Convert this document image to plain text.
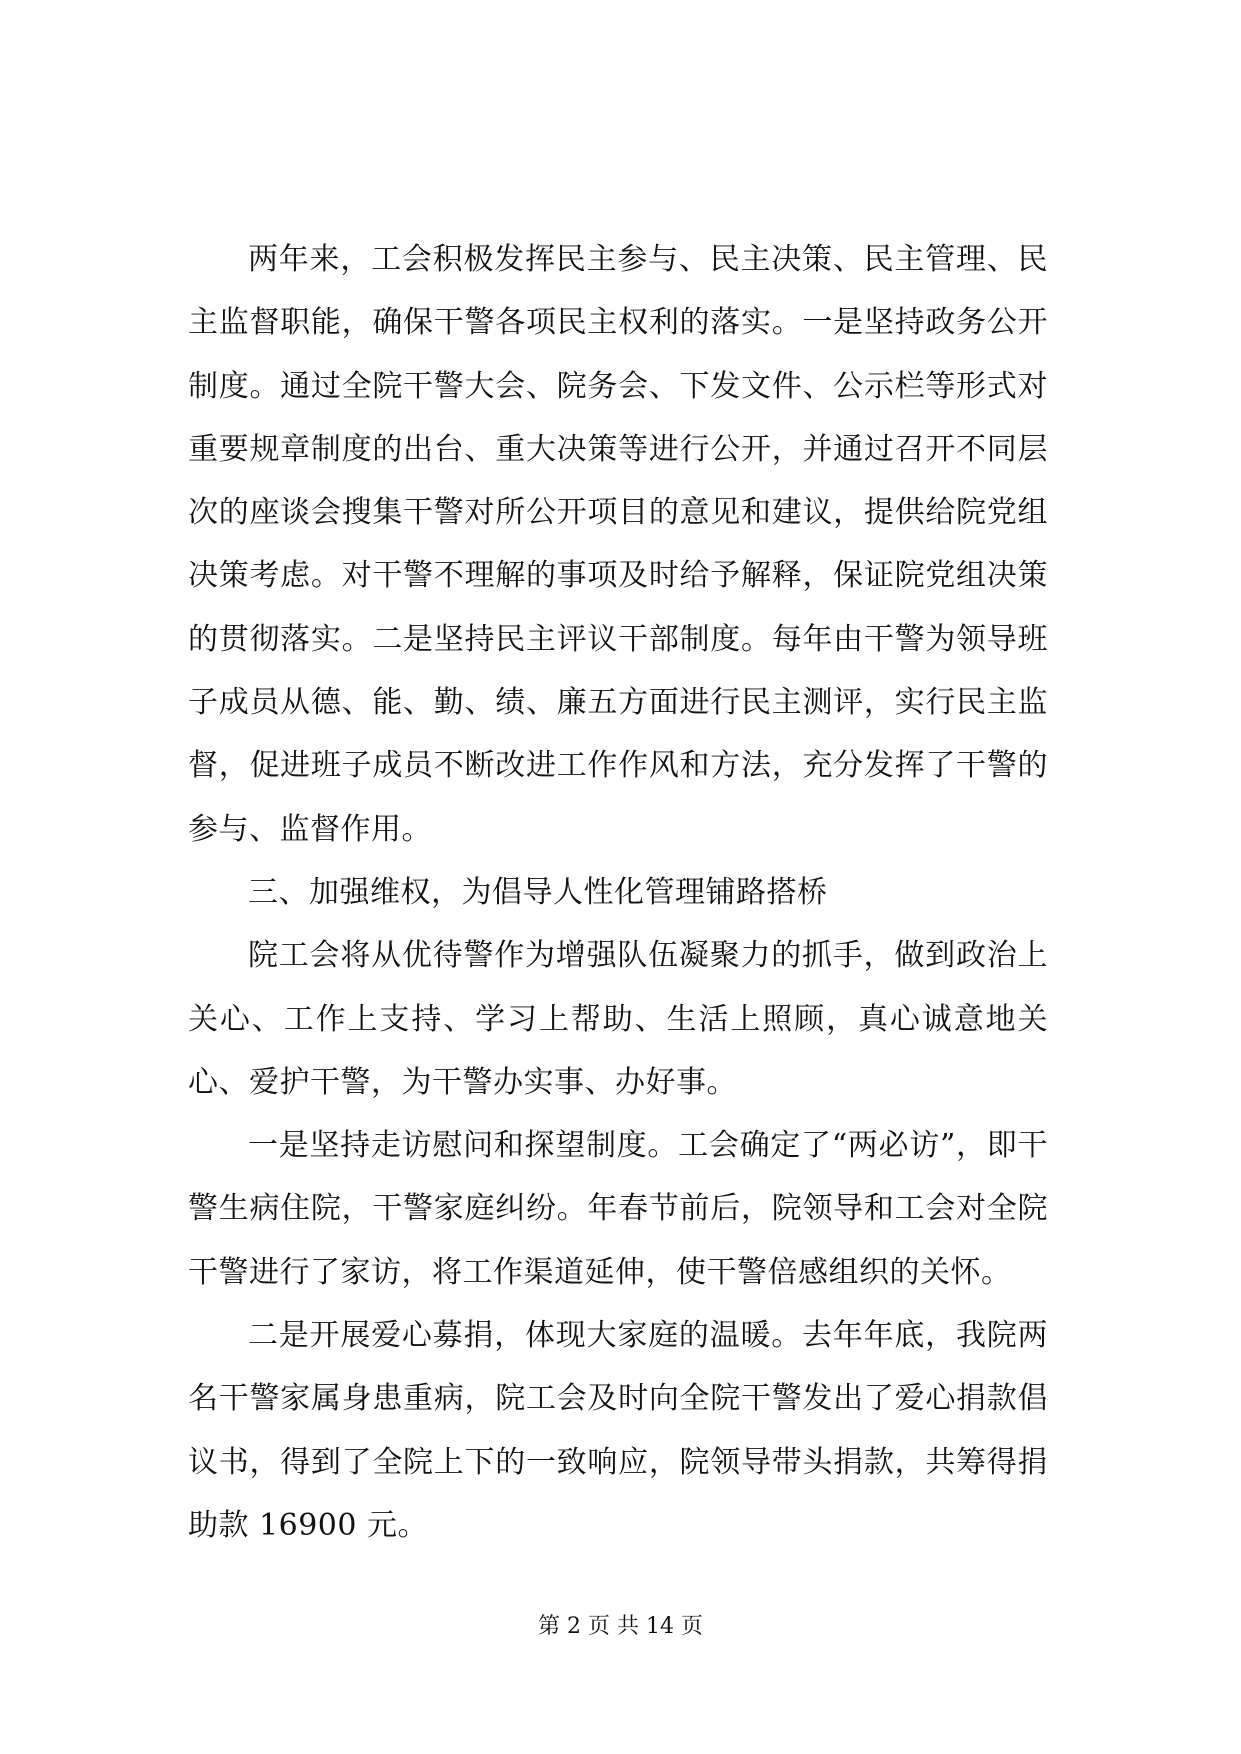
两年来，工会积极发挥民主参与、民主决策、民主管理、民主监督职能，确保干警各项民主权利的落实。一是坚持政务公开制度。通过全院干警大会、院务会、下发文件、公示栏等形式对重要规章制度的出台、重大决策等进行公开，并通过召开不同层次的座谈会搜集干警对所公开项目的意见和建议，提供给院党组决策考虑。对干警不理解的事项及时给予解释，保证院党组决策的贯彻落实。二是坚持民主评议干部制度。每年由干警为领导班子成员从德、能、勤、绩、廉五方面进行民主测评，实行民主监督，促进班子成员不断改进工作作风和方法，充分发挥了干警的参与、监督作用。

三、加强维权，为倡导人性化管理铺路搭桥

院工会将从优待警作为增强队伍凝聚力的抓手，做到政治上关心、工作上支持、学习上帮助、生活上照顾，真心诚意地关心、爱护干警，为干警办实事、办好事。

一是坚持走访慰问和探望制度。工会确定了“两必访”，即干警生病住院，干警家庭纠纷。年春节前后，院领导和工会对全院干警进行了家访，将工作渠道延伸，使干警倍感组织的关怀。

二是开展爱心募捐，体现大家庭的温暖。去年年底，我院两名干警家属身患重病，院工会及时向全院干警发出了爱心捐款倡议书，得到了全院上下的一致响应，院领导带头捐款，共筹得捐助款 16900 元。

第 2 页 共 14 页
